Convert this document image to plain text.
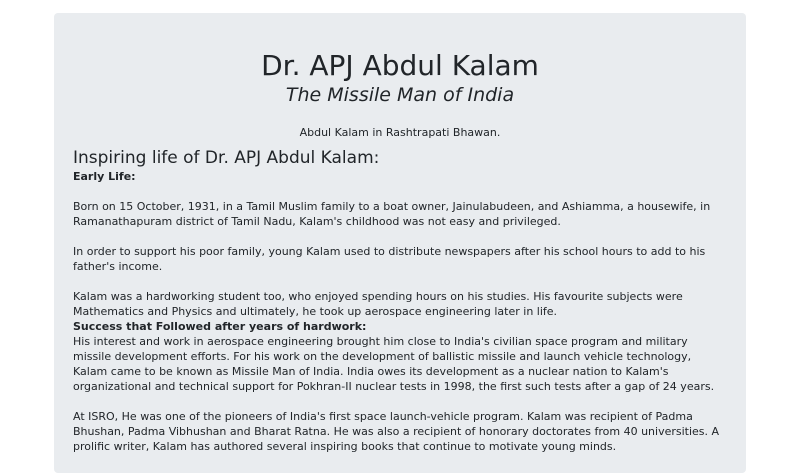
Dr. APJ Abdul Kalam
The Missile Man of India

Abdul Kalam in Rashtrapati Bhawan.

Inspiring life of Dr. APJ Abdul Kalam:

Early Life:

Born on 15 October, 1931, in a Tamil Muslim family to a boat owner, Jainulabudeen, and Ashiamma, a housewife, in Ramanathapuram district of Tamil Nadu, Kalam's childhood was not easy and privileged.

In order to support his poor family, young Kalam used to distribute newspapers after his school hours to add to his father's income.

Kalam was a hardworking student too, who enjoyed spending hours on his studies. His favourite subjects were Mathematics and Physics and ultimately, he took up aerospace engineering later in life.

Success that Followed after years of hardwork:

His interest and work in aerospace engineering brought him close to India's civilian space program and military missile development efforts. For his work on the development of ballistic missile and launch vehicle technology, Kalam came to be known as Missile Man of India. India owes its development as a nuclear nation to Kalam's organizational and technical support for Pokhran-II nuclear tests in 1998, the first such tests after a gap of 24 years.

At ISRO, He was one of the pioneers of India's first space launch-vehicle program. Kalam was recipient of Padma Bhushan, Padma Vibhushan and Bharat Ratna. He was also a recipient of honorary doctorates from 40 universities. A prolific writer, Kalam has authored several inspiring books that continue to motivate young minds.
